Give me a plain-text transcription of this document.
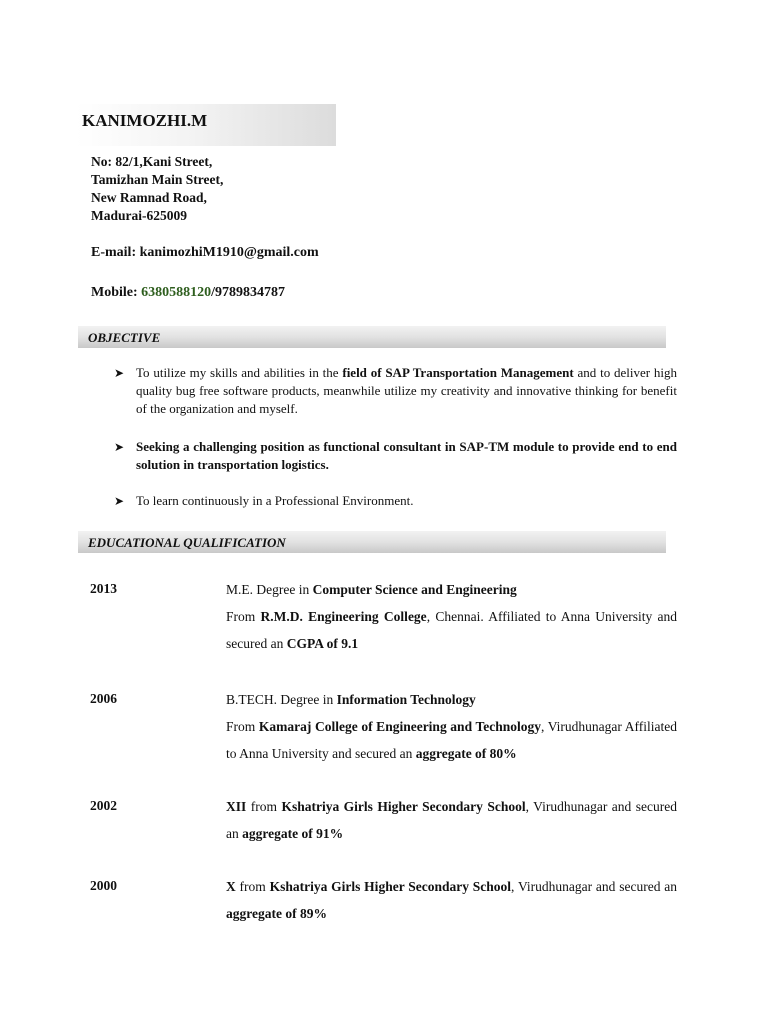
KANIMOZHI.M
No: 82/1,Kani Street,
Tamizhan Main Street,
New Ramnad Road,
Madurai-625009
E-mail: kanimozhiM1910@gmail.com
Mobile: 6380588120/9789834787
OBJECTIVE
➤ To utilize my skills and abilities in the field of SAP Transportation Management and to deliver high quality bug free software products, meanwhile utilize my creativity and innovative thinking for benefit of the organization and myself.
➤ Seeking a challenging position as functional consultant in SAP-TM module to provide end to end solution in transportation logistics.
➤ To learn continuously in a Professional Environment.
EDUCATIONAL QUALIFICATION
2013	M.E. Degree in Computer Science and Engineering
From R.M.D. Engineering College, Chennai. Affiliated to Anna University and secured an CGPA of 9.1
2006	B.TECH. Degree in Information Technology
From Kamaraj College of Engineering and Technology, Virudhunagar Affiliated to Anna University and secured an aggregate of 80%
2002	XII from Kshatriya Girls Higher Secondary School, Virudhunagar and secured an aggregate of 91%
2000	X from Kshatriya Girls Higher Secondary School, Virudhunagar and secured an aggregate of 89%
